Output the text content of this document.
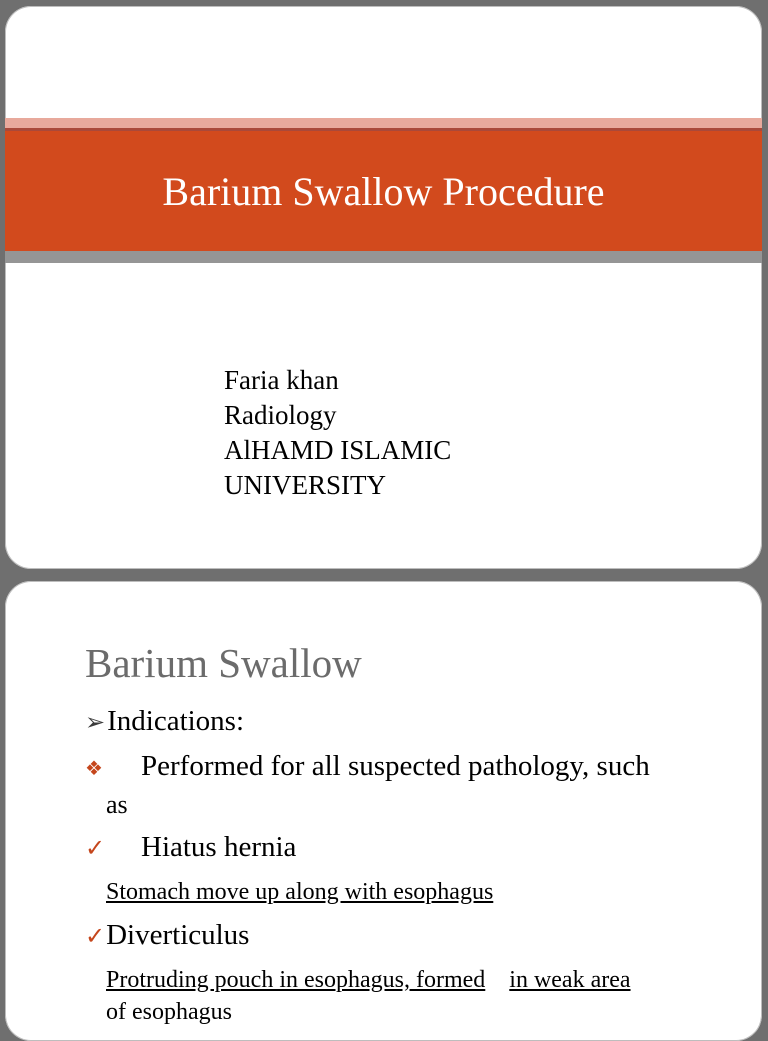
Barium Swallow Procedure
Faria khan
Radiology
AlHAMD ISLAMIC
UNIVERSITY
Barium Swallow
➢Indications:
❖ Performed for all suspected pathology, such
as
✓ Hiatus hernia
Stomach move up along with esophagus
✓Diverticulus
Protruding pouch in esophagus, formed in weak area
of esophagus
